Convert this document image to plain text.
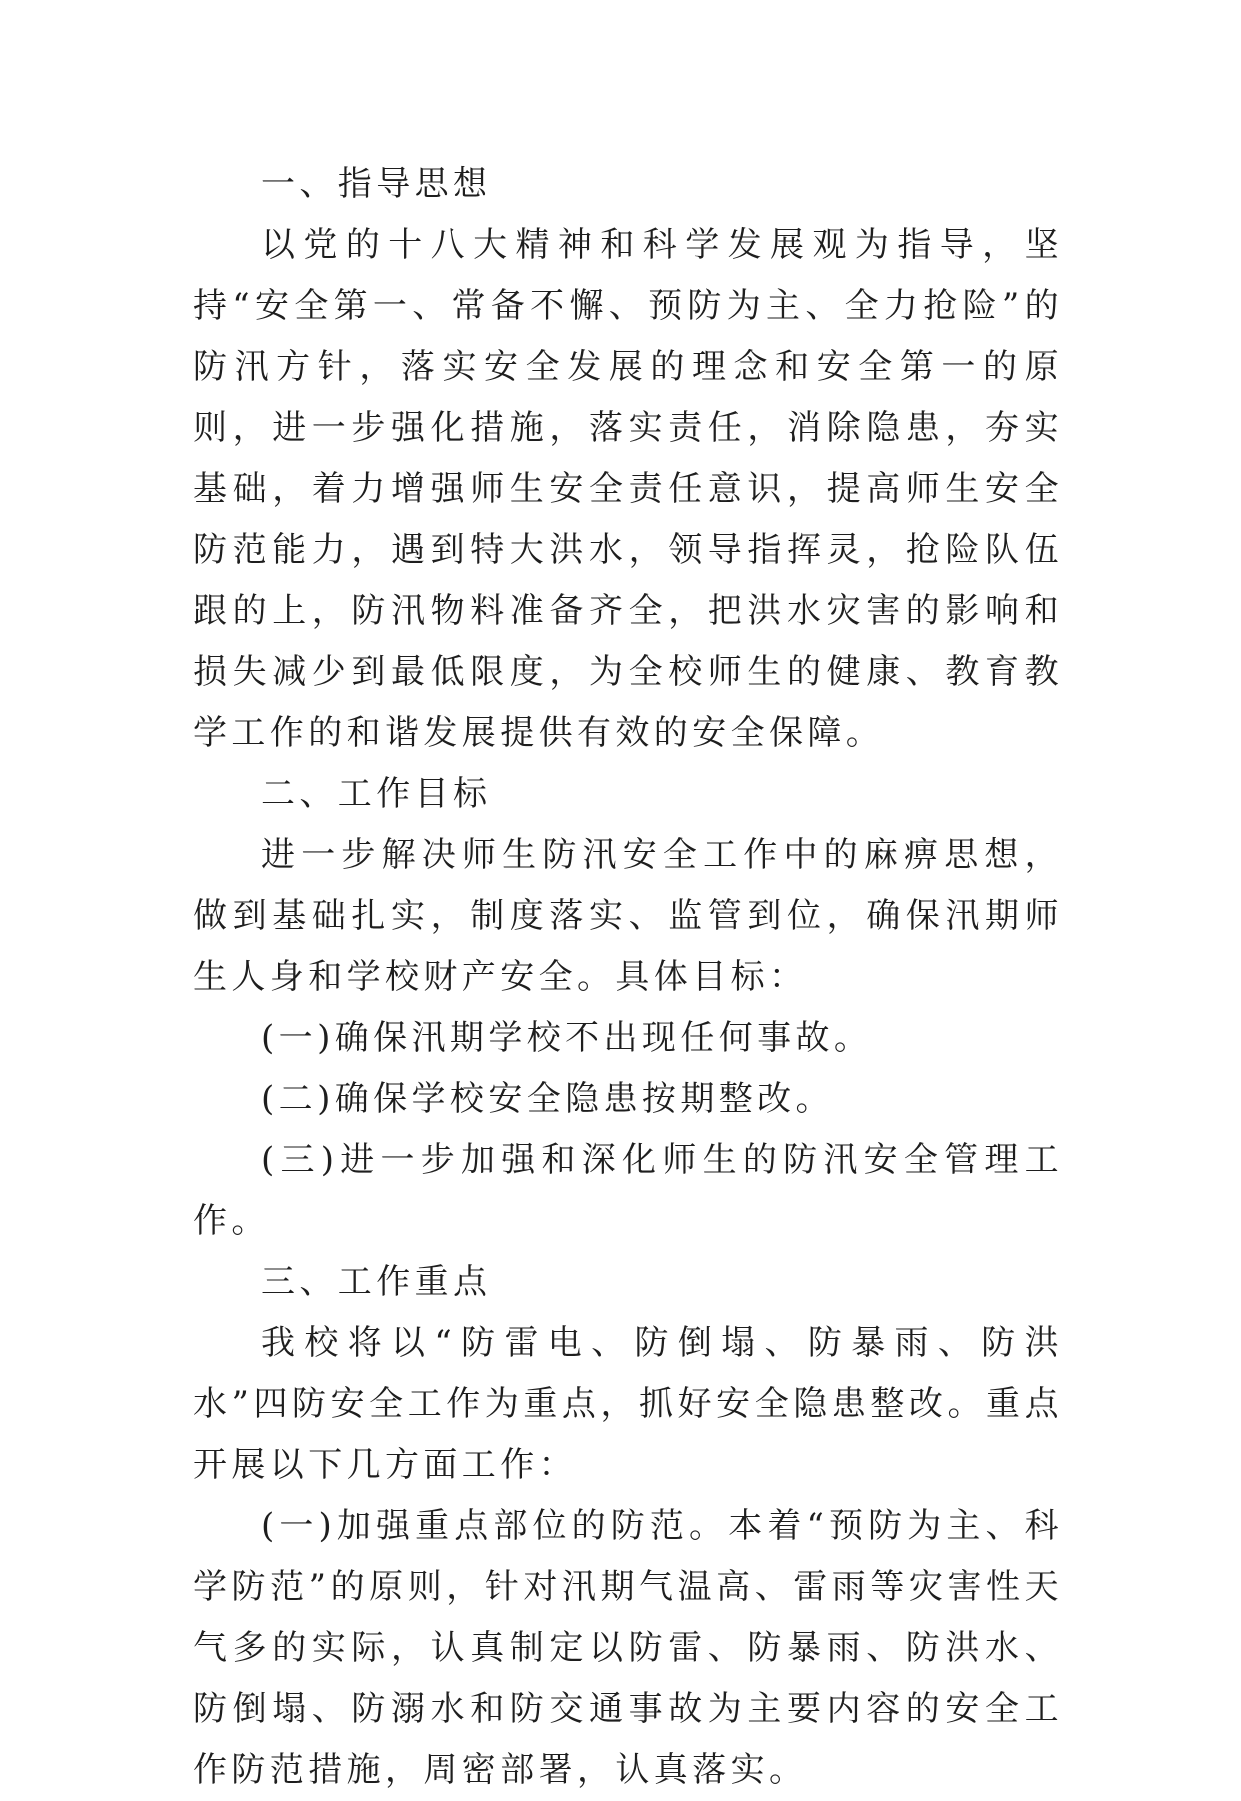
一、指导思想

以党的十八大精神和科学发展观为指导，坚持“安全第一、常备不懈、预防为主、全力抢险”的防汛方针，落实安全发展的理念和安全第一的原则，进一步强化措施，落实责任，消除隐患，夯实基础，着力增强师生安全责任意识，提高师生安全防范能力，遇到特大洪水，领导指挥灵，抢险队伍跟的上，防汛物料准备齐全，把洪水灾害的影响和损失减少到最低限度，为全校师生的健康、教育教学工作的和谐发展提供有效的安全保障。

二、工作目标

进一步解决师生防汛安全工作中的麻痹思想，做到基础扎实，制度落实、监管到位，确保汛期师生人身和学校财产安全。具体目标：

(一)确保汛期学校不出现任何事故。

(二)确保学校安全隐患按期整改。

(三)进一步加强和深化师生的防汛安全管理工作。

三、工作重点

我校将以“防雷电、防倒塌、防暴雨、防洪水”四防安全工作为重点，抓好安全隐患整改。重点开展以下几方面工作：

(一)加强重点部位的防范。本着“预防为主、科学防范”的原则，针对汛期气温高、雷雨等灾害性天气多的实际，认真制定以防雷、防暴雨、防洪水、防倒塌、防溺水和防交通事故为主要内容的安全工作防范措施，周密部署，认真落实。
